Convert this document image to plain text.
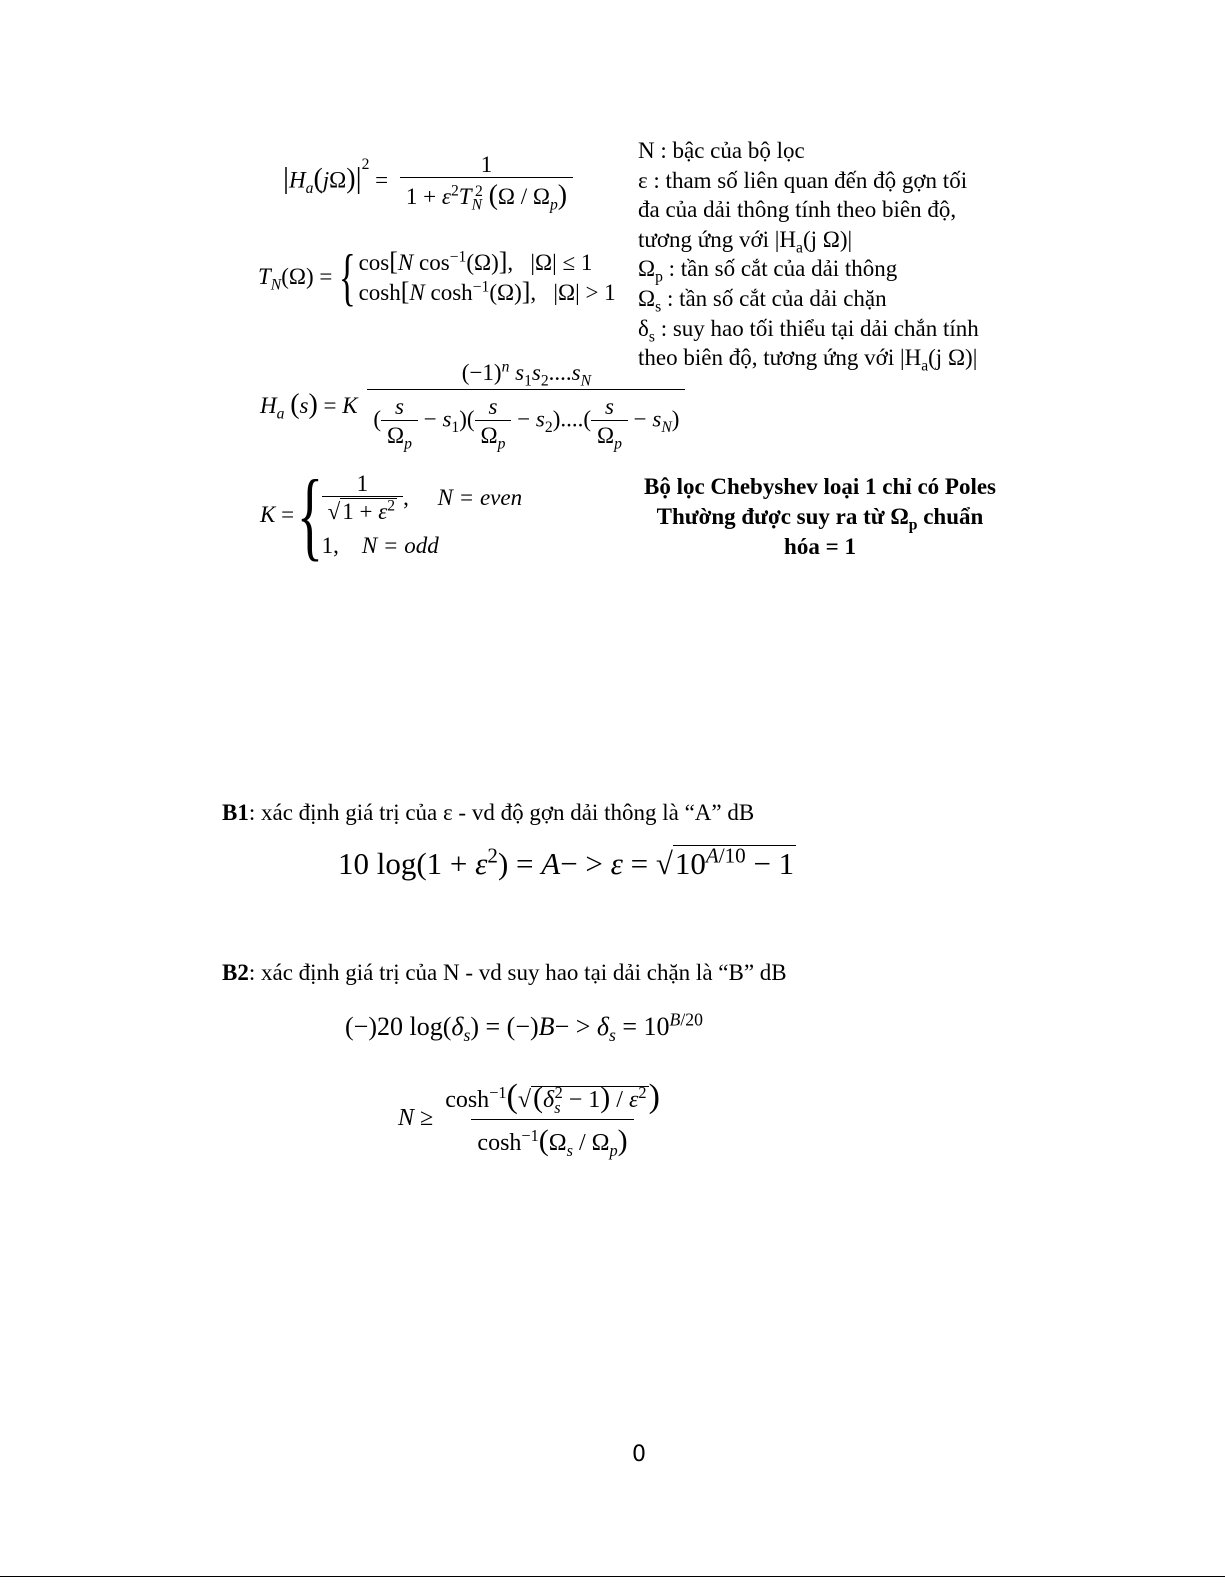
$|H_a(j\Omega)|^2 = \frac{1}{1 + \varepsilon^2T_N^2 (\Omega / \Omega_p)}$
$T_N(\Omega)$ = { cos[N $\cos^{-1}(\Omega)$],   |Ω| ≤ 1
cosh[N $\cosh^{-1}(\Omega)$],   |Ω| > 1
$H_a$ (s) = K $\frac{(-1)^n s_1s_2....s_N}{( \frac{s}{\Omega_p} - s_1)( \frac{s}{\Omega_p} - s_2)....( \frac{s}{\Omega_p} - s_N)}$
K = {
$\frac{1}{√1 + \varepsilon^2}$ , N = even
1, N = odd
N : bậc của bộ lọc
ε : tham số liên quan đến độ gợn tối
đa của dải thông tính theo biên độ,
tương ứng với $|H_a(j$ Ω)|
$\Omega_p$ : tần số cắt của dải thông
$\Omega_s$ : tần số cắt của dải chặn
$\delta_s$ : suy hao tối thiểu tại dải chắn tính
theo biên độ, tương ứng với $|H_a(j$ Ω)|
Bộ lọc Chebyshev loại 1 chỉ có Poles
Thường được suy ra từ $\Omega_p$ chuẩn
hóa = 1
B1: xác định giá trị của ε - vd độ gợn dải thông là “A” dB
10 $\log(1 + \varepsilon^2) = A- > \varepsilon = √10^{A/10} - 1$
B2: xác định giá trị của N - vd suy hao tại dải chặn là “B” dB
(−)20 $\log(\delta_s) = (-)B- > \delta_s = 10^{B/20}$
$N \ge \frac{\cosh^{-1}(√(\delta_s^2 - 1) / \varepsilon^2)}{\cosh^{-1}(\Omega_s / \Omega_p)}$
0
